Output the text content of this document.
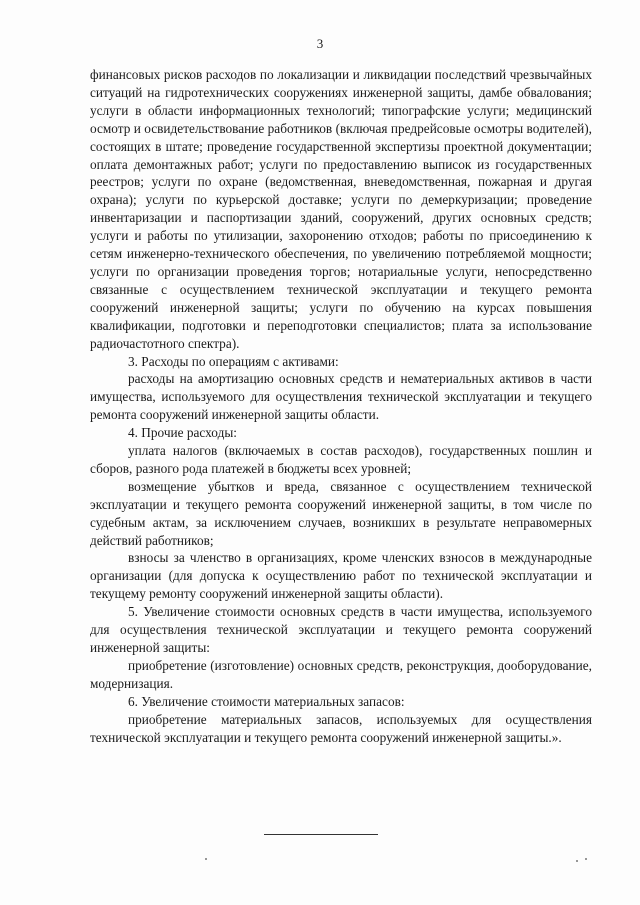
3

финансовых рисков расходов по локализации и ликвидации последствий чрезвычайных ситуаций на гидротехнических сооружениях инженерной защиты, дамбе обвалования; услуги в области информационных технологий; типографские услуги; медицинский осмотр и освидетельствование работников (включая предрейсовые осмотры водителей), состоящих в штате; проведение государственной экспертизы проектной документации; оплата демонтажных работ; услуги по предоставлению выписок из государственных реестров; услуги по охране (ведомственная, вневедомственная, пожарная и другая охрана); услуги по курьерской доставке; услуги по демеркуризации; проведение инвентаризации и паспортизации зданий, сооружений, других основных средств; услуги и работы по утилизации, захоронению отходов; работы по присоединению к сетям инженерно-технического обеспечения, по увеличению потребляемой мощности; услуги по организации проведения торгов; нотариальные услуги, непосредственно связанные с осуществлением технической эксплуатации и текущего ремонта сооружений инженерной защиты; услуги по обучению на курсах повышения квалификации, подготовки и переподготовки специалистов; плата за использование радиочастотного спектра).

3. Расходы по операциям с активами:

расходы на амортизацию основных средств и нематериальных активов в части имущества, используемого для осуществления технической эксплуатации и текущего ремонта сооружений инженерной защиты области.

4. Прочие расходы:

уплата налогов (включаемых в состав расходов), государственных пошлин и сборов, разного рода платежей в бюджеты всех уровней;

возмещение убытков и вреда, связанное с осуществлением технической эксплуатации и текущего ремонта сооружений инженерной защиты, в том числе по судебным актам, за исключением случаев, возникших в результате неправомерных действий работников;

взносы за членство в организациях, кроме членских взносов в международные организации (для допуска к осуществлению работ по технической эксплуатации и текущему ремонту сооружений инженерной защиты области).

5. Увеличение стоимости основных средств в части имущества, используемого для осуществления технической эксплуатации и текущего ремонта сооружений инженерной защиты:

приобретение (изготовление) основных средств, реконструкция, дооборудование, модернизация.

6. Увеличение стоимости материальных запасов:

приобретение материальных запасов, используемых для осуществления технической эксплуатации и текущего ремонта сооружений инженерной защиты.».
